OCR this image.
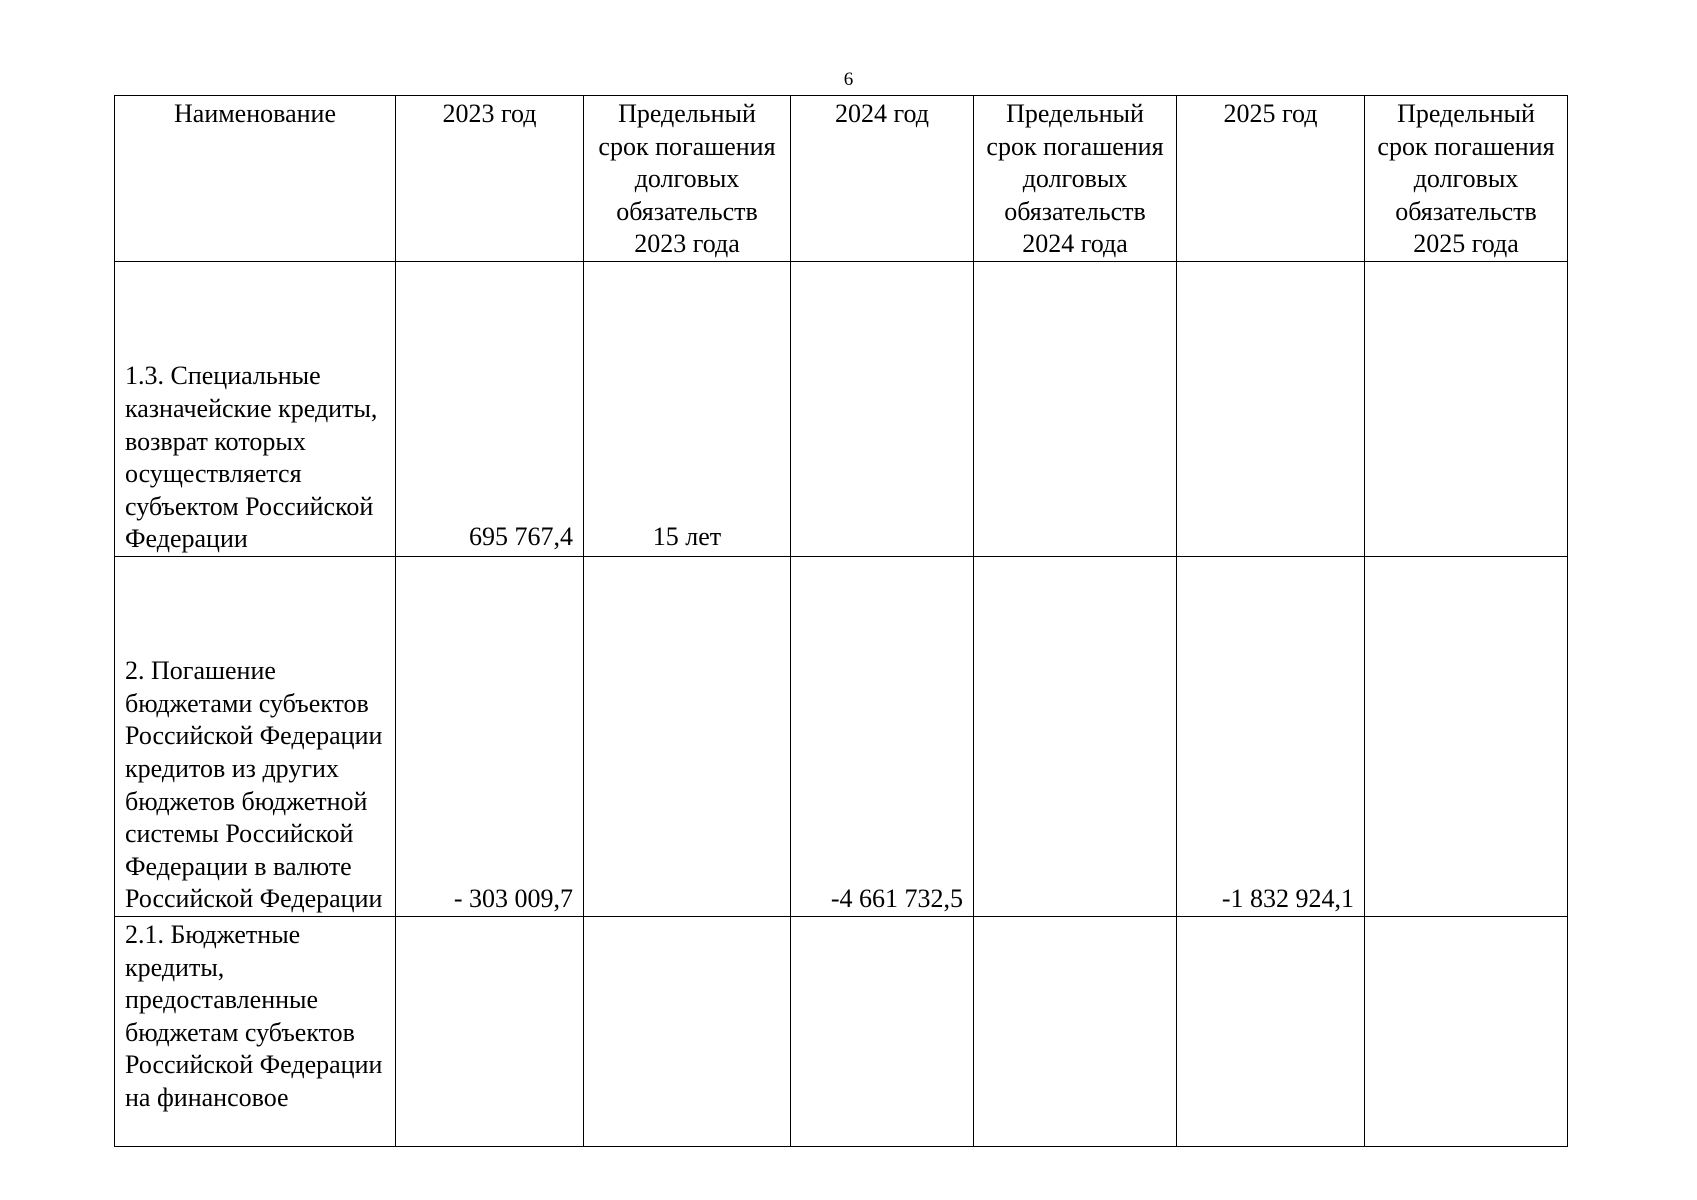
6
Наименование	2023 год	Предельный срок погашения долговых обязательств 2023 года	2024 год	Предельный срок погашения долговых обязательств 2024 года	2025 год	Предельный срок погашения долговых обязательств 2025 года
1.3. Специальные казначейские кредиты, возврат которых осуществляется субъектом Российской Федерации	695 767,4	15 лет				
2. Погашение бюджетами субъектов Российской Федерации кредитов из других бюджетов бюджетной системы Российской Федерации в валюте Российской Федерации	- 303 009,7		-4 661 732,5		-1 832 924,1	
2.1. Бюджетные кредиты, предоставленные бюджетам субъектов Российской Федерации на финансовое						
